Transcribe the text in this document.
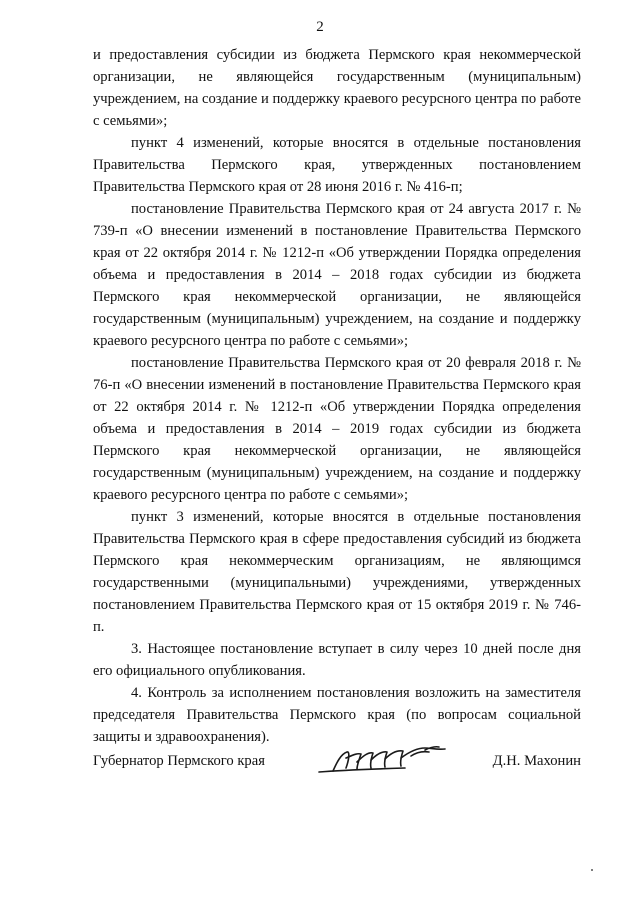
2

и предоставления субсидии из бюджета Пермского края некоммерческой организации, не являющейся государственным (муниципальным) учреждением, на создание и поддержку краевого ресурсного центра по работе с семьями»;

пункт 4 изменений, которые вносятся в отдельные постановления Правительства Пермского края, утвержденных постановлением Правительства Пермского края от 28 июня 2016 г. № 416-п;

постановление Правительства Пермского края от 24 августа 2017 г. № 739-п «О внесении изменений в постановление Правительства Пермского края от 22 октября 2014 г. № 1212-п «Об утверждении Порядка определения объема и предоставления в 2014 – 2018 годах субсидии из бюджета Пермского края некоммерческой организации, не являющейся государственным (муниципальным) учреждением, на создание и поддержку краевого ресурсного центра по работе с семьями»;

постановление Правительства Пермского края от 20 февраля 2018 г. № 76-п «О внесении изменений в постановление Правительства Пермского края от 22 октября 2014 г. № 1212-п «Об утверждении Порядка определения объема и предоставления в 2014 – 2019 годах субсидии из бюджета Пермского края некоммерческой организации, не являющейся государственным (муниципальным) учреждением, на создание и поддержку краевого ресурсного центра по работе с семьями»;

пункт 3 изменений, которые вносятся в отдельные постановления Правительства Пермского края в сфере предоставления субсидий из бюджета Пермского края некоммерческим организациям, не являющимся государственными (муниципальными) учреждениями, утвержденных постановлением Правительства Пермского края от 15 октября 2019 г. № 746-п.

3. Настоящее постановление вступает в силу через 10 дней после дня его официального опубликования.

4. Контроль за исполнением постановления возложить на заместителя председателя Правительства Пермского края (по вопросам социальной защиты и здравоохранения).

Губернатор Пермского края	Д.Н. Махонин
